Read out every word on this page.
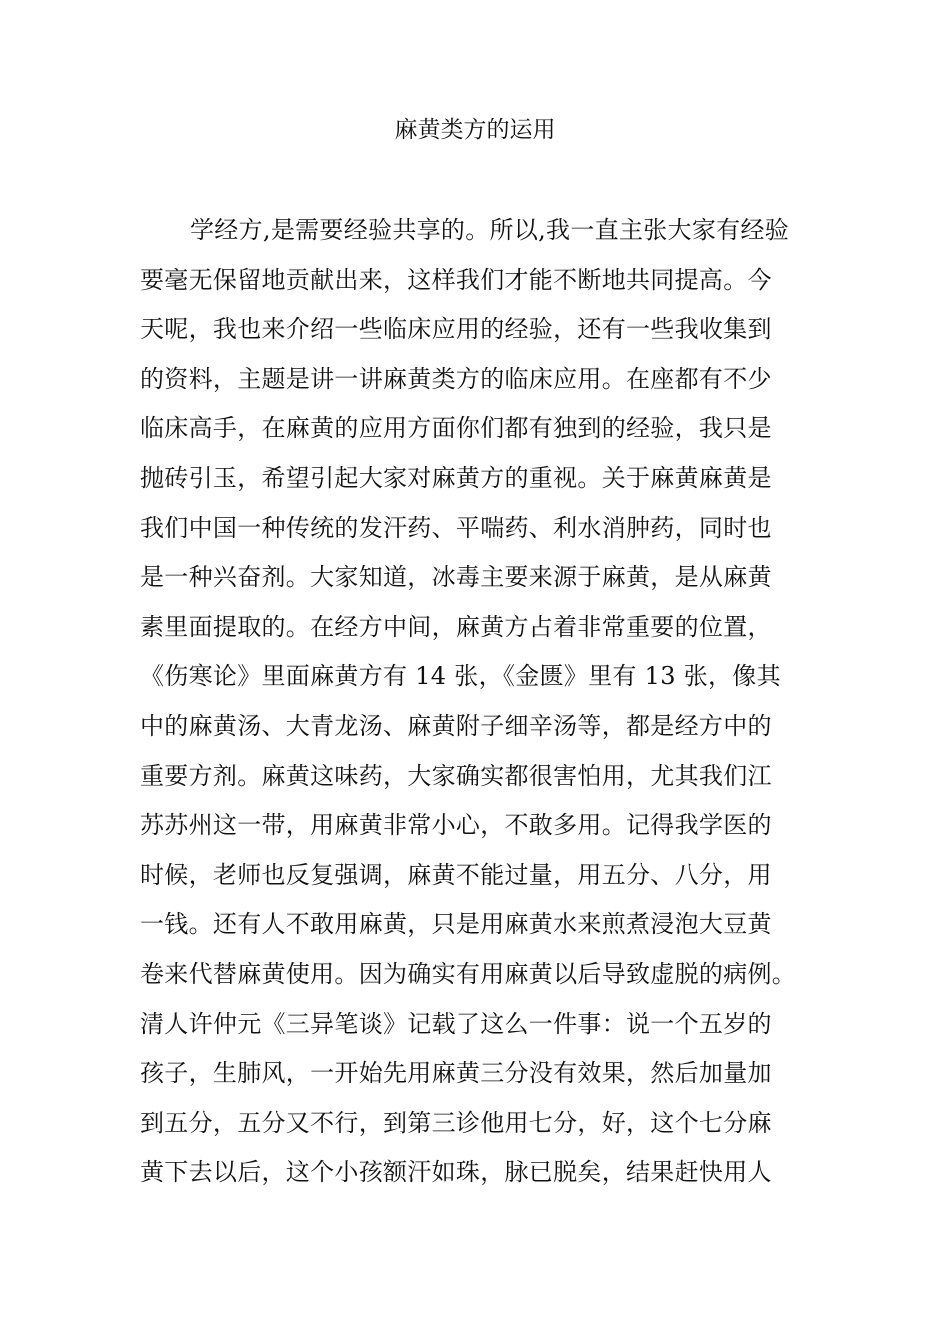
麻黄类方的运用
学经方,是需要经验共享的。所以,我一直主张大家有经验
要毫无保留地贡献出来，这样我们才能不断地共同提高。今
天呢，我也来介绍一些临床应用的经验，还有一些我收集到
的资料，主题是讲一讲麻黄类方的临床应用。在座都有不少
临床高手，在麻黄的应用方面你们都有独到的经验，我只是
抛砖引玉，希望引起大家对麻黄方的重视。关于麻黄麻黄是
我们中国一种传统的发汗药、平喘药、利水消肿药，同时也
是一种兴奋剂。大家知道，冰毒主要来源于麻黄，是从麻黄
素里面提取的。在经方中间，麻黄方占着非常重要的位置，
《伤寒论》里面麻黄方有 14 张，《金匮》里有 13 张，像其
中的麻黄汤、大青龙汤、麻黄附子细辛汤等，都是经方中的
重要方剂。麻黄这味药，大家确实都很害怕用，尤其我们江
苏苏州这一带，用麻黄非常小心，不敢多用。记得我学医的
时候，老师也反复强调，麻黄不能过量，用五分、八分，用
一钱。还有人不敢用麻黄，只是用麻黄水来煎煮浸泡大豆黄
卷来代替麻黄使用。因为确实有用麻黄以后导致虚脱的病例。
清人许仲元《三异笔谈》记载了这么一件事：说一个五岁的
孩子，生肺风，一开始先用麻黄三分没有效果，然后加量加
到五分，五分又不行，到第三诊他用七分，好，这个七分麻
黄下去以后，这个小孩额汗如珠，脉已脱矣，结果赶快用人
